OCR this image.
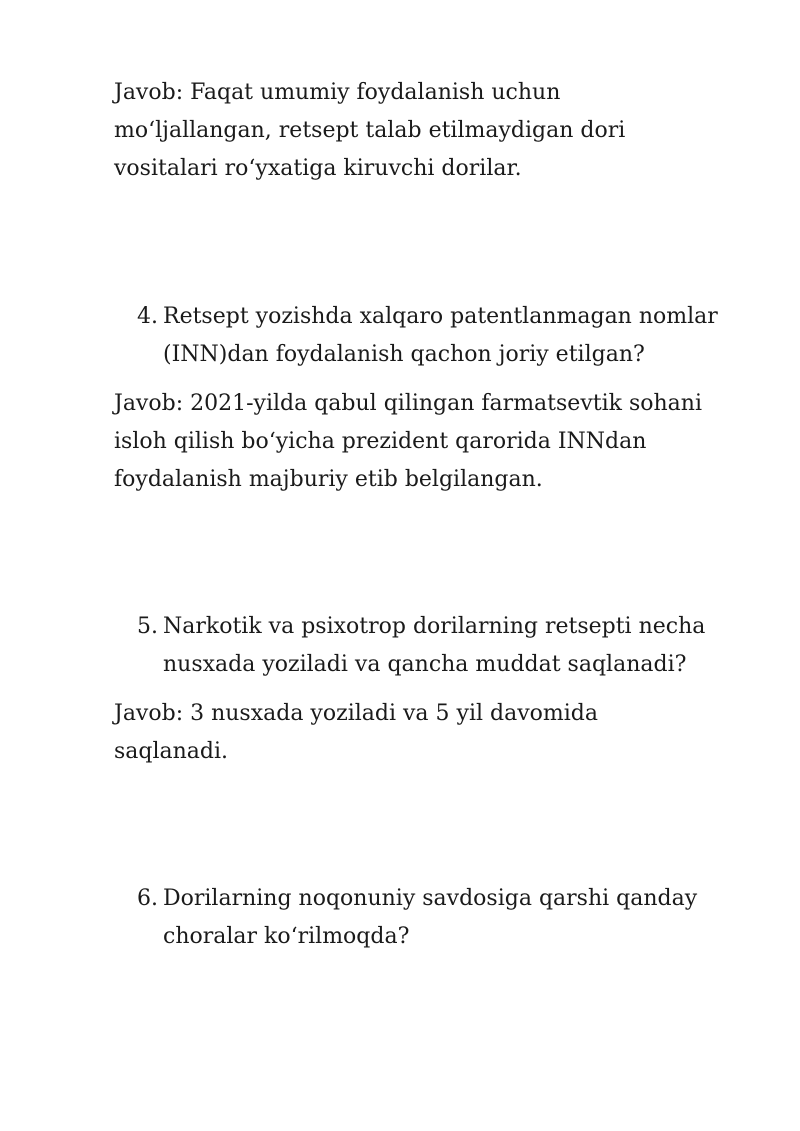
Javob: Faqat umumiy foydalanish uchun
mo‘ljallangan, retsept talab etilmaydigan dori
vositalari ro‘yxatiga kiruvchi dorilar.

4. Retsept yozishda xalqaro patentlanmagan nomlar
(INN)dan foydalanish qachon joriy etilgan?

Javob: 2021-yilda qabul qilingan farmatsevtik sohani
isloh qilish bo‘yicha prezident qarorida INNdan
foydalanish majburiy etib belgilangan.

5. Narkotik va psixotrop dorilarning retsepti necha
nusxada yoziladi va qancha muddat saqlanadi?

Javob: 3 nusxada yoziladi va 5 yil davomida
saqlanadi.

6. Dorilarning noqonuniy savdosiga qarshi qanday
choralar ko‘rilmoqda?
